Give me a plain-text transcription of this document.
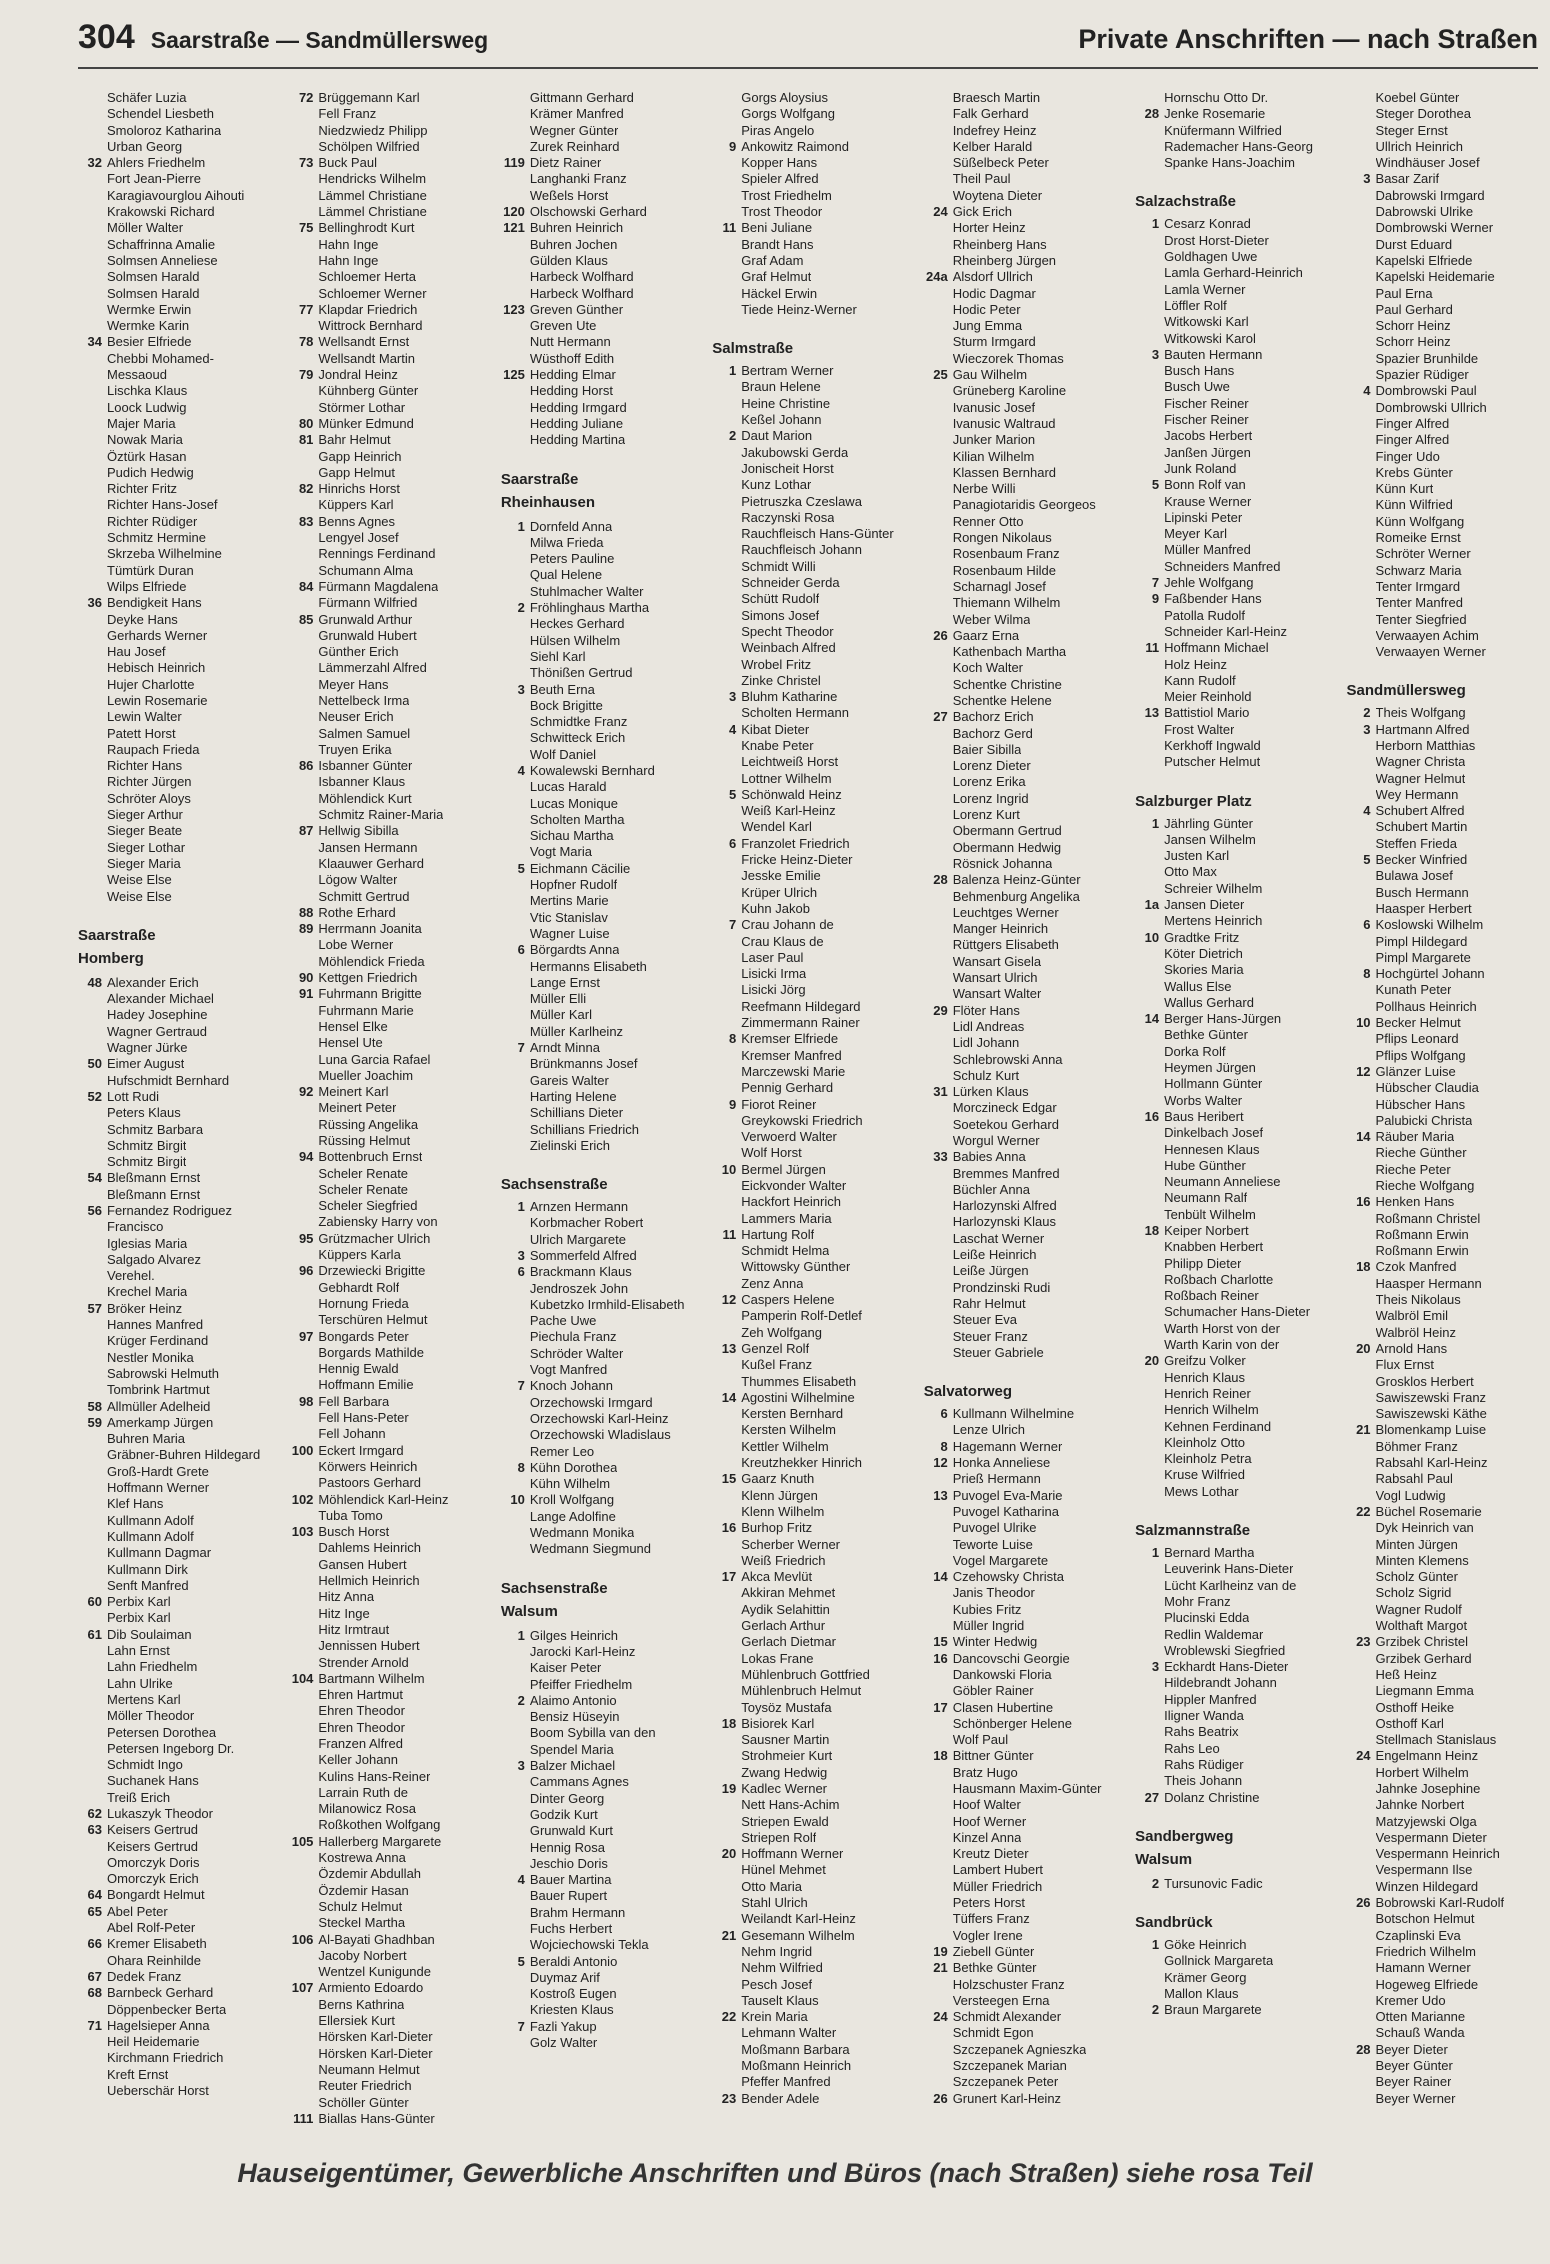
304 Saarstraße — Sandmüllersweg	Private Anschriften — nach Straßen
Schäfer Luzia
Schendel Liesbeth
Smoloroz Katharina
Urban Georg
32 Ahlers Friedhelm
Fort Jean-Pierre
Karagiavourglou Aihouti
Krakowski Richard
Möller Walter
Schaffrinna Amalie
Solmsen Anneliese
Solmsen Harald
Solmsen Harald
Wermke Erwin
Wermke Karin
34 Besier Elfriede
Chebbi Mohamed-
Messaoud
Lischka Klaus
Loock Ludwig
Majer Maria
Nowak Maria
Öztürk Hasan
Pudich Hedwig
Richter Fritz
Richter Hans-Josef
Richter Rüdiger
Schmitz Hermine
Skrzeba Wilhelmine
Tümtürk Duran
Wilps Elfriede
36 Bendigkeit Hans
Deyke Hans
Gerhards Werner
Hau Josef
Hebisch Heinrich
Hujer Charlotte
Lewin Rosemarie
Lewin Walter
Patett Horst
Raupach Frieda
Richter Hans
Richter Jürgen
Schröter Aloys
Sieger Arthur
Sieger Beate
Sieger Lothar
Sieger Maria
Weise Else
Weise Else
Saarstraße
Homberg
48 Alexander Erich
Alexander Michael
Hadey Josephine
Wagner Gertraud
Wagner Jürke
50 Eimer August
Hufschmidt Bernhard
52 Lott Rudi
Peters Klaus
Schmitz Barbara
Schmitz Birgit
Schmitz Birgit
54 Bleßmann Ernst
Bleßmann Ernst
56 Fernandez Rodriguez
Francisco
Iglesias Maria
Salgado Alvarez
Verehel.
Krechel Maria
57 Bröker Heinz
Hannes Manfred
Krüger Ferdinand
Nestler Monika
Sabrowski Helmuth
Tombrink Hartmut
58 Allmüller Adelheid
59 Amerkamp Jürgen
Buhren Maria
Gräbner-Buhren Hildegard
Groß-Hardt Grete
Hoffmann Werner
Klef Hans
Kullmann Adolf
Kullmann Adolf
Kullmann Dagmar
Kullmann Dirk
Senft Manfred
60 Perbix Karl
Perbix Karl
61 Dib Soulaiman
Lahn Ernst
Lahn Friedhelm
Lahn Ulrike
Mertens Karl
Möller Theodor
Petersen Dorothea
Petersen Ingeborg Dr.
Schmidt Ingo
Suchanek Hans
Treiß Erich
62 Lukaszyk Theodor
63 Keisers Gertrud
Keisers Gertrud
Omorczyk Doris
Omorczyk Erich
64 Bongardt Helmut
65 Abel Peter
Abel Rolf-Peter
66 Kremer Elisabeth
Ohara Reinhilde
67 Dedek Franz
68 Barnbeck Gerhard
Döppenbecker Berta
71 Hagelsieper Anna
Heil Heidemarie
Kirchmann Friedrich
Kreft Ernst
Ueberschär Horst
72 Brüggemann Karl
Fell Franz
Niedzwiedz Philipp
Schölpen Wilfried
73 Buck Paul
Hendricks Wilhelm
Lämmel Christiane
Lämmel Christiane
75 Bellinghrodt Kurt
Hahn Inge
Hahn Inge
Schloemer Herta
Schloemer Werner
77 Klapdar Friedrich
Wittrock Bernhard
78 Wellsandt Ernst
Wellsandt Martin
79 Jondral Heinz
Kühnberg Günter
Störmer Lothar
80 Münker Edmund
81 Bahr Helmut
Gapp Heinrich
Gapp Helmut
82 Hinrichs Horst
Küppers Karl
83 Benns Agnes
Lengyel Josef
Rennings Ferdinand
Schumann Alma
84 Fürmann Magdalena
Fürmann Wilfried
85 Grunwald Arthur
Grunwald Hubert
Günther Erich
Lämmerzahl Alfred
Meyer Hans
Nettelbeck Irma
Neuser Erich
Salmen Samuel
Truyen Erika
86 Isbanner Günter
Isbanner Klaus
Möhlendick Kurt
Schmitz Rainer-Maria
87 Hellwig Sibilla
Jansen Hermann
Klaauwer Gerhard
Lögow Walter
Schmitt Gertrud
88 Rothe Erhard
89 Herrmann Joanita
Lobe Werner
Möhlendick Frieda
90 Kettgen Friedrich
91 Fuhrmann Brigitte
Fuhrmann Marie
Hensel Elke
Hensel Ute
Luna Garcia Rafael
Mueller Joachim
92 Meinert Karl
Meinert Peter
Rüssing Angelika
Rüssing Helmut
94 Bottenbruch Ernst
Scheler Renate
Scheler Renate
Scheler Siegfried
Zabiensky Harry von
95 Grützmacher Ulrich
Küppers Karla
96 Drzewiecki Brigitte
Gebhardt Rolf
Hornung Frieda
Terschüren Helmut
97 Bongards Peter
Borgards Mathilde
Hennig Ewald
Hoffmann Emilie
98 Fell Barbara
Fell Hans-Peter
Fell Johann
100 Eckert Irmgard
Körwers Heinrich
Pastoors Gerhard
102 Möhlendick Karl-Heinz
Tuba Tomo
103 Busch Horst
Dahlems Heinrich
Gansen Hubert
Hellmich Heinrich
Hitz Anna
Hitz Inge
Hitz Irmtraut
Jennissen Hubert
Strender Arnold
104 Bartmann Wilhelm
Ehren Hartmut
Ehren Theodor
Ehren Theodor
Franzen Alfred
Keller Johann
Kulins Hans-Reiner
Larrain Ruth de
Milanowicz Rosa
Roßkothen Wolfgang
105 Hallerberg Margarete
Kostrewa Anna
Özdemir Abdullah
Özdemir Hasan
Schulz Helmut
Steckel Martha
106 Al-Bayati Ghadhban
Jacoby Norbert
Wentzel Kunigunde
107 Armiento Edoardo
Berns Kathrina
Ellersiek Kurt
Hörsken Karl-Dieter
Hörsken Karl-Dieter
Neumann Helmut
Reuter Friedrich
Schöller Günter
111 Biallas Hans-Günter
Gittmann Gerhard
Krämer Manfred
Wegner Günter
Zurek Reinhard
119 Dietz Rainer
Langhanki Franz
Weßels Horst
120 Olschowski Gerhard
121 Buhren Heinrich
Buhren Jochen
Gülden Klaus
Harbeck Wolfhard
Harbeck Wolfhard
123 Greven Günther
Greven Ute
Nutt Hermann
Wüsthoff Edith
125 Hedding Elmar
Hedding Horst
Hedding Irmgard
Hedding Juliane
Hedding Martina
Saarstraße
Rheinhausen
1 Dornfeld Anna
Milwa Frieda
Peters Pauline
Qual Helene
Stuhlmacher Walter
2 Fröhlinghaus Martha
Heckes Gerhard
Hülsen Wilhelm
Siehl Karl
Thönißen Gertrud
3 Beuth Erna
Bock Brigitte
Schmidtke Franz
Schwitteck Erich
Wolf Daniel
4 Kowalewski Bernhard
Lucas Harald
Lucas Monique
Scholten Martha
Sichau Martha
Vogt Maria
5 Eichmann Cäcilie
Hopfner Rudolf
Mertins Marie
Vtic Stanislav
Wagner Luise
6 Börgardts Anna
Hermanns Elisabeth
Lange Ernst
Müller Elli
Müller Karl
Müller Karlheinz
7 Arndt Minna
Brünkmanns Josef
Gareis Walter
Harting Helene
Schillians Dieter
Schillians Friedrich
Zielinski Erich
Sachsenstraße
1 Arnzen Hermann
Korbmacher Robert
Ulrich Margarete
3 Sommerfeld Alfred
6 Brackmann Klaus
Jendroszek John
Kubetzko Irmhild-Elisabeth
Pache Uwe
Piechula Franz
Schröder Walter
Vogt Manfred
7 Knoch Johann
Orzechowski Irmgard
Orzechowski Karl-Heinz
Orzechowski Wladislaus
Remer Leo
8 Kühn Dorothea
Kühn Wilhelm
10 Kroll Wolfgang
Lange Adolfine
Wedmann Monika
Wedmann Siegmund
Sachsenstraße
Walsum
1 Gilges Heinrich
Jarocki Karl-Heinz
Kaiser Peter
Pfeiffer Friedhelm
2 Alaimo Antonio
Bensiz Hüseyin
Boom Sybilla van den
Spendel Maria
3 Balzer Michael
Cammans Agnes
Dinter Georg
Godzik Kurt
Grunwald Kurt
Hennig Rosa
Jeschio Doris
4 Bauer Martina
Bauer Rupert
Brahm Hermann
Fuchs Herbert
Wojciechowski Tekla
5 Beraldi Antonio
Duymaz Arif
Kostroß Eugen
Kriesten Klaus
7 Fazli Yakup
Golz Walter
Gorgs Aloysius
Gorgs Wolfgang
Piras Angelo
9 Ankowitz Raimond
Kopper Hans
Spieler Alfred
Trost Friedhelm
Trost Theodor
11 Beni Juliane
Brandt Hans
Graf Adam
Graf Helmut
Häckel Erwin
Tiede Heinz-Werner
Salmstraße
1 Bertram Werner
Braun Helene
Heine Christine
Keßel Johann
2 Daut Marion
Jakubowski Gerda
Jonischeit Horst
Kunz Lothar
Pietruszka Czeslawa
Raczynski Rosa
Rauchfleisch Hans-Günter
Rauchfleisch Johann
Schmidt Willi
Schneider Gerda
Schütt Rudolf
Simons Josef
Specht Theodor
Weinbach Alfred
Wrobel Fritz
Zinke Christel
3 Bluhm Katharine
Scholten Hermann
4 Kibat Dieter
Knabe Peter
Leichtweiß Horst
Lottner Wilhelm
5 Schönwald Heinz
Weiß Karl-Heinz
Wendel Karl
6 Franzolet Friedrich
Fricke Heinz-Dieter
Jesske Emilie
Krüper Ulrich
Kuhn Jakob
7 Crau Johann de
Crau Klaus de
Laser Paul
Lisicki Irma
Lisicki Jörg
Reefmann Hildegard
Zimmermann Rainer
8 Kremser Elfriede
Kremser Manfred
Marczewski Marie
Pennig Gerhard
9 Fiorot Reiner
Greykowski Friedrich
Verwoerd Walter
Wolf Horst
10 Bermel Jürgen
Eickvonder Walter
Hackfort Heinrich
Lammers Maria
11 Hartung Rolf
Schmidt Helma
Wittowsky Günther
Zenz Anna
12 Caspers Helene
Pamperin Rolf-Detlef
Zeh Wolfgang
13 Genzel Rolf
Kußel Franz
Thummes Elisabeth
14 Agostini Wilhelmine
Kersten Bernhard
Kersten Wilhelm
Kettler Wilhelm
Kreutzhekker Hinrich
15 Gaarz Knuth
Klenn Jürgen
Klenn Wilhelm
16 Burhop Fritz
Scherber Werner
Weiß Friedrich
17 Akca Mevlüt
Akkiran Mehmet
Aydik Selahittin
Gerlach Arthur
Gerlach Dietmar
Lokas Frane
Mühlenbruch Gottfried
Mühlenbruch Helmut
Toysöz Mustafa
18 Bisiorek Karl
Sausner Martin
Strohmeier Kurt
Zwang Hedwig
19 Kadlec Werner
Nett Hans-Achim
Striepen Ewald
Striepen Rolf
20 Hoffmann Werner
Hünel Mehmet
Otto Maria
Stahl Ulrich
Weilandt Karl-Heinz
21 Gesemann Wilhelm
Nehm Ingrid
Nehm Wilfried
Pesch Josef
Tauselt Klaus
22 Krein Maria
Lehmann Walter
Moßmann Barbara
Moßmann Heinrich
Pfeffer Manfred
23 Bender Adele
Braesch Martin
Falk Gerhard
Indefrey Heinz
Kelber Harald
Süßelbeck Peter
Theil Paul
Woytena Dieter
24 Gick Erich
Horter Heinz
Rheinberg Hans
Rheinberg Jürgen
24a Alsdorf Ullrich
Hodic Dagmar
Hodic Peter
Jung Emma
Sturm Irmgard
Wieczorek Thomas
25 Gau Wilhelm
Grüneberg Karoline
Ivanusic Josef
Ivanusic Waltraud
Junker Marion
Kilian Wilhelm
Klassen Bernhard
Nerbe Willi
Panagiotaridis Georgeos
Renner Otto
Rongen Nikolaus
Rosenbaum Franz
Rosenbaum Hilde
Scharnagl Josef
Thiemann Wilhelm
Weber Wilma
26 Gaarz Erna
Kathenbach Martha
Koch Walter
Schentke Christine
Schentke Helene
27 Bachorz Erich
Bachorz Gerd
Baier Sibilla
Lorenz Dieter
Lorenz Erika
Lorenz Ingrid
Lorenz Kurt
Obermann Gertrud
Obermann Hedwig
Rösnick Johanna
28 Balenza Heinz-Günter
Behmenburg Angelika
Leuchtges Werner
Manger Heinrich
Rüttgers Elisabeth
Wansart Gisela
Wansart Ulrich
Wansart Walter
29 Flöter Hans
Lidl Andreas
Lidl Johann
Schlebrowski Anna
Schulz Kurt
31 Lürken Klaus
Morczineck Edgar
Soetekou Gerhard
Worgul Werner
33 Babies Anna
Bremmes Manfred
Büchler Anna
Harlozynski Alfred
Harlozynski Klaus
Laschat Werner
Leiße Heinrich
Leiße Jürgen
Prondzinski Rudi
Rahr Helmut
Steuer Eva
Steuer Franz
Steuer Gabriele
Salvatorweg
6 Kullmann Wilhelmine
Lenze Ulrich
8 Hagemann Werner
12 Honka Anneliese
Prieß Hermann
13 Puvogel Eva-Marie
Puvogel Katharina
Puvogel Ulrike
Teworte Luise
Vogel Margarete
14 Czehowsky Christa
Janis Theodor
Kubies Fritz
Müller Ingrid
15 Winter Hedwig
16 Dancovschi Georgie
Dankowski Floria
Göbler Rainer
17 Clasen Hubertine
Schönberger Helene
Wolf Paul
18 Bittner Günter
Bratz Hugo
Hausmann Maxim-Günter
Hoof Walter
Hoof Werner
Kinzel Anna
Kreutz Dieter
Lambert Hubert
Müller Friedrich
Peters Horst
Tüffers Franz
Vogler Irene
19 Ziebell Günter
21 Bethke Günter
Holzschuster Franz
Versteegen Erna
24 Schmidt Alexander
Schmidt Egon
Szczepanek Agnieszka
Szczepanek Marian
Szczepanek Peter
26 Grunert Karl-Heinz
Hornschu Otto Dr.
28 Jenke Rosemarie
Knüfermann Wilfried
Rademacher Hans-Georg
Spanke Hans-Joachim
Salzachstraße
1 Cesarz Konrad
Drost Horst-Dieter
Goldhagen Uwe
Lamla Gerhard-Heinrich
Lamla Werner
Löffler Rolf
Witkowski Karl
Witkowski Karol
3 Bauten Hermann
Busch Hans
Busch Uwe
Fischer Reiner
Fischer Reiner
Jacobs Herbert
Janßen Jürgen
Junk Roland
5 Bonn Rolf van
Krause Werner
Lipinski Peter
Meyer Karl
Müller Manfred
Schneiders Manfred
7 Jehle Wolfgang
9 Faßbender Hans
Patolla Rudolf
Schneider Karl-Heinz
11 Hoffmann Michael
Holz Heinz
Kann Rudolf
Meier Reinhold
13 Battistiol Mario
Frost Walter
Kerkhoff Ingwald
Putscher Helmut
Salzburger Platz
1 Jährling Günter
Jansen Wilhelm
Justen Karl
Otto Max
Schreier Wilhelm
1a Jansen Dieter
Mertens Heinrich
10 Gradtke Fritz
Köter Dietrich
Skories Maria
Wallus Else
Wallus Gerhard
14 Berger Hans-Jürgen
Bethke Günter
Dorka Rolf
Heymen Jürgen
Hollmann Günter
Worbs Walter
16 Baus Heribert
Dinkelbach Josef
Hennesen Klaus
Hube Günther
Neumann Anneliese
Neumann Ralf
Tenbült Wilhelm
18 Keiper Norbert
Knabben Herbert
Philipp Dieter
Roßbach Charlotte
Roßbach Reiner
Schumacher Hans-Dieter
Warth Horst von der
Warth Karin von der
20 Greifzu Volker
Henrich Klaus
Henrich Reiner
Henrich Wilhelm
Kehnen Ferdinand
Kleinholz Otto
Kleinholz Petra
Kruse Wilfried
Mews Lothar
Salzmannstraße
1 Bernard Martha
Leuverink Hans-Dieter
Lücht Karlheinz van de
Mohr Franz
Plucinski Edda
Redlin Waldemar
Wroblewski Siegfried
3 Eckhardt Hans-Dieter
Hildebrandt Johann
Hippler Manfred
Iligner Wanda
Rahs Beatrix
Rahs Leo
Rahs Rüdiger
Theis Johann
27 Dolanz Christine
Sandbergweg
Walsum
2 Tursunovic Fadic
Sandbrück
1 Göke Heinrich
Gollnick Margareta
Krämer Georg
Mallon Klaus
2 Braun Margarete
Koebel Günter
Steger Dorothea
Steger Ernst
Ullrich Heinrich
Windhäuser Josef
3 Basar Zarif
Dabrowski Irmgard
Dabrowski Ulrike
Dombrowski Werner
Durst Eduard
Kapelski Elfriede
Kapelski Heidemarie
Paul Erna
Paul Gerhard
Schorr Heinz
Schorr Heinz
Spazier Brunhilde
Spazier Rüdiger
4 Dombrowski Paul
Dombrowski Ullrich
Finger Alfred
Finger Alfred
Finger Udo
Krebs Günter
Künn Kurt
Künn Wilfried
Künn Wolfgang
Romeike Ernst
Schröter Werner
Schwarz Maria
Tenter Irmgard
Tenter Manfred
Tenter Siegfried
Verwaayen Achim
Verwaayen Werner
Sandmüllersweg
2 Theis Wolfgang
3 Hartmann Alfred
Herborn Matthias
Wagner Christa
Wagner Helmut
Wey Hermann
4 Schubert Alfred
Schubert Martin
Steffen Frieda
5 Becker Winfried
Bulawa Josef
Busch Hermann
Haasper Herbert
6 Koslowski Wilhelm
Pimpl Hildegard
Pimpl Margarete
8 Hochgürtel Johann
Kunath Peter
Pollhaus Heinrich
10 Becker Helmut
Pflips Leonard
Pflips Wolfgang
12 Glänzer Luise
Hübscher Claudia
Hübscher Hans
Palubicki Christa
14 Räuber Maria
Rieche Günther
Rieche Peter
Rieche Wolfgang
16 Henken Hans
Roßmann Christel
Roßmann Erwin
Roßmann Erwin
18 Czok Manfred
Haasper Hermann
Theis Nikolaus
Walbröl Emil
Walbröl Heinz
20 Arnold Hans
Flux Ernst
Grosklos Herbert
Sawiszewski Franz
Sawiszewski Käthe
21 Blomenkamp Luise
Böhmer Franz
Rabsahl Karl-Heinz
Rabsahl Paul
Vogl Ludwig
22 Büchel Rosemarie
Dyk Heinrich van
Minten Jürgen
Minten Klemens
Scholz Günter
Scholz Sigrid
Wagner Rudolf
Wolthaft Margot
23 Grzibek Christel
Grzibek Gerhard
Heß Heinz
Liegmann Emma
Osthoff Heike
Osthoff Karl
Stellmach Stanislaus
24 Engelmann Heinz
Horbert Wilhelm
Jahnke Josephine
Jahnke Norbert
Matzyjewski Olga
Vespermann Dieter
Vespermann Heinrich
Vespermann Ilse
Winzen Hildegard
26 Bobrowski Karl-Rudolf
Botschon Helmut
Czaplinski Eva
Friedrich Wilhelm
Hamann Werner
Hogeweg Elfriede
Kremer Udo
Otten Marianne
Schauß Wanda
28 Beyer Dieter
Beyer Günter
Beyer Rainer
Beyer Werner
Hauseigentümer, Gewerbliche Anschriften und Büros (nach Straßen) siehe rosa Teil
